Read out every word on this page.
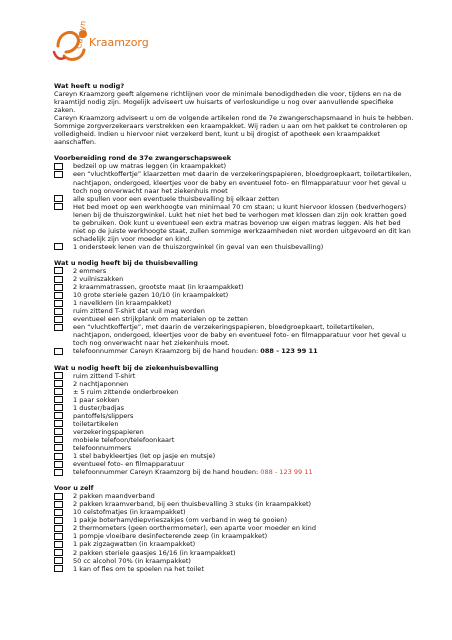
Kraamzorg
Careyn
Wat heeft u nodig?
Careyn Kraamzorg geeft algemene richtlijnen voor de minimale benodigdheden die voor, tijdens en na de kraamtijd nodig zijn. Mogelijk adviseert uw huisarts of verloskundige u nog over aanvullende specifieke zaken.
Careyn Kraamzorg adviseert u om de volgende artikelen rond de 7e zwangerschapsmaand in huis te hebben. Sommige zorgverzekeraars verstrekken een kraampakket. Wij raden u aan om het pakket te controleren op volledigheid. Indien u hiervoor niet verzekerd bent, kunt u bij drogist of apotheek een kraampakket aanschaffen.
Voorbereiding rond de 37e zwangerschapsweek
bedzeil op uw matras leggen (in kraampakket)
een “vluchtkoffertje” klaarzetten met daarin de verzekeringspapieren, bloedgroepkaart, toiletartikelen, nachtjapon, ondergoed, kleertjes voor de baby en eventueel foto- en filmapparatuur voor het geval u toch nog onverwacht naar het ziekenhuis moet
alle spullen voor een eventuele thuisbevalling bij elkaar zetten
Het bed moet op een werkhoogte van minimaal 70 cm staan; u kunt hiervoor klossen (bedverhogers) lenen bij de thuiszorgwinkel. Lukt het niet het bed te verhogen met klossen dan zijn ook kratten goed te gebruiken. Ook kunt u eventueel een extra matras bovenop uw eigen matras leggen. Als het bed niet op de juiste werkhoogte staat, zullen sommige werkzaamheden niet worden uitgevoerd en dit kan schadelijk zijn voor moeder en kind.
1 ondersteek lenen van de thuiszorgwinkel (in geval van een thuisbevalling)
Wat u nodig heeft bij de thuisbevalling
2 emmers
2 vuilniszakken
2 kraammatrassen, grootste maat (in kraampakket)
10 grote steriele gazen 10/10 (in kraampakket)
1 navelklem (in kraampakket)
ruim zittend T-shirt dat vuil mag worden
eventueel een strijkplank om materialen op te zetten
een “vluchtkoffertje”, met daarin de verzekeringspapieren, bloedgroepkaart, toiletartikelen, nachtjapon, ondergoed, kleertjes voor de baby en eventueel foto- en filmapparatuur voor het geval u toch nog onverwacht naar het ziekenhuis moet.
telefoonnummer Careyn Kraamzorg bij de hand houden: 088 - 123 99 11
Wat u nodig heeft bij de ziekenhuisbevalling
ruim zittend T-shirt
2 nachtjaponnen
± 5 ruim zittende onderbroeken
1 paar sokken
1 duster/badjas
pantoffels/slippers
toiletartikelen
verzekeringspapieren
mobiele telefoon/telefoonkaart
telefoonnummers
1 stel babykleertjes (let op jasje en mutsje)
eventueel foto- en filmapparatuur
telefoonnummer Careyn Kraamzorg bij de hand houden: 088 - 123 99 11
Voor u zelf
2 pakken maandverband
2 pakken kraamverband, bij een thuisbevalling 3 stuks (in kraampakket)
10 celstofmatjes (in kraampakket)
1 pakje boterham/diepvrieszakjes (om verband in weg te gooien)
2 thermometers (geen oorthermometer), een aparte voor moeder en kind
1 pompje vloeibare desinfecterende zeep (in kraampakket)
1 pak zigzagwatten (in kraampakket)
2 pakken steriele gaasjes 16/16 (in kraampakket)
50 cc alcohol 70% (in kraampakket)
1 kan of fles om te spoelen na het toilet
